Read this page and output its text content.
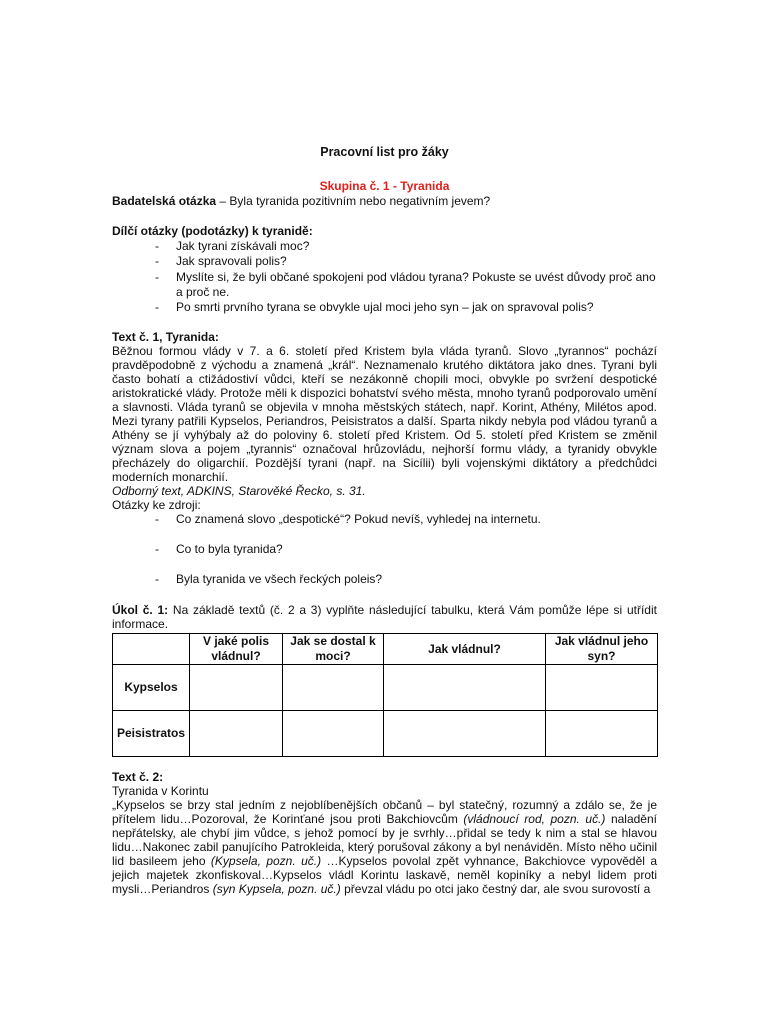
Pracovní list pro žáky
Skupina č. 1 - Tyranida
Badatelská otázka – Byla tyranida pozitivním nebo negativním jevem?
Dílčí otázky (podotázky) k tyranidě:
- Jak tyrani získávali moc?
- Jak spravovali polis?
- Myslíte si, že byli občané spokojeni pod vládou tyrana? Pokuste se uvést důvody proč ano a proč ne.
- Po smrti prvního tyrana se obvykle ujal moci jeho syn – jak on spravoval polis?
Text č. 1, Tyranida:
Běžnou formou vlády v 7. a 6. století před Kristem byla vláda tyranů. Slovo „tyrannos“ pochází pravděpodobně z východu a znamená „král“. Neznamenalo krutého diktátora jako dnes. Tyrani byli často bohatí a ctižádostiví vůdci, kteří se nezákonně chopili moci, obvykle po svržení despotické aristokratické vlády. Protože měli k dispozici bohatství svého města, mnoho tyranů podporovalo umění a slavnosti. Vláda tyranů se objevila v mnoha městských státech, např. Korint, Athény, Milétos apod. Mezi tyrany patřili Kypselos, Periandros, Peisistratos a další. Sparta nikdy nebyla pod vládou tyranů a Athény se jí vyhýbaly až do poloviny 6. století před Kristem. Od 5. století před Kristem se změnil význam slova a pojem „tyrannis“ označoval hrůzovládu, nejhorší formu vlády, a tyranidy obvykle přecházely do oligarchií. Pozdější tyrani (např. na Sicílii) byli vojenskými diktátory a předchůdci moderních monarchií.
Odborný text, ADKINS, Starověké Řecko, s. 31.
Otázky ke zdroji:
- Co znamená slovo „despotické“? Pokud nevíš, vyhledej na internetu.
- Co to byla tyranida?
- Byla tyranida ve všech řeckých poleis?
Úkol č. 1: Na základě textů (č. 2 a 3) vyplňte následující tabulku, která Vám pomůže lépe si utřídit informace.
	V jaké polis vládnul?	Jak se dostal k moci?	Jak vládnul?	Jak vládnul jeho syn?
Kypselos				
Peisistratos				
Text č. 2:
Tyranida v Korintu
„Kypselos se brzy stal jedním z nejoblíbenějších občanů – byl statečný, rozumný a zdálo se, že je přítelem lidu…Pozoroval, že Korinťané jsou proti Bakchiovcům (vládnoucí rod, pozn. uč.) naladění nepřátelsky, ale chybí jim vůdce, s jehož pomocí by je svrhly…přidal se tedy k nim a stal se hlavou lidu…Nakonec zabil panujícího Patrokleida, který porušoval zákony a byl nenáviděn. Místo něho učinil lid basileem jeho (Kypsela, pozn. uč.) …Kypselos povolal zpět vyhnance, Bakchiovce vypověděl a jejich majetek zkonfiskoval…Kypselos vládl Korintu laskavě, neměl kopiníky a nebyl lidem proti mysli…Periandros (syn Kypsela, pozn. uč.) převzal vládu po otci jako čestný dar, ale svou surovostí a
